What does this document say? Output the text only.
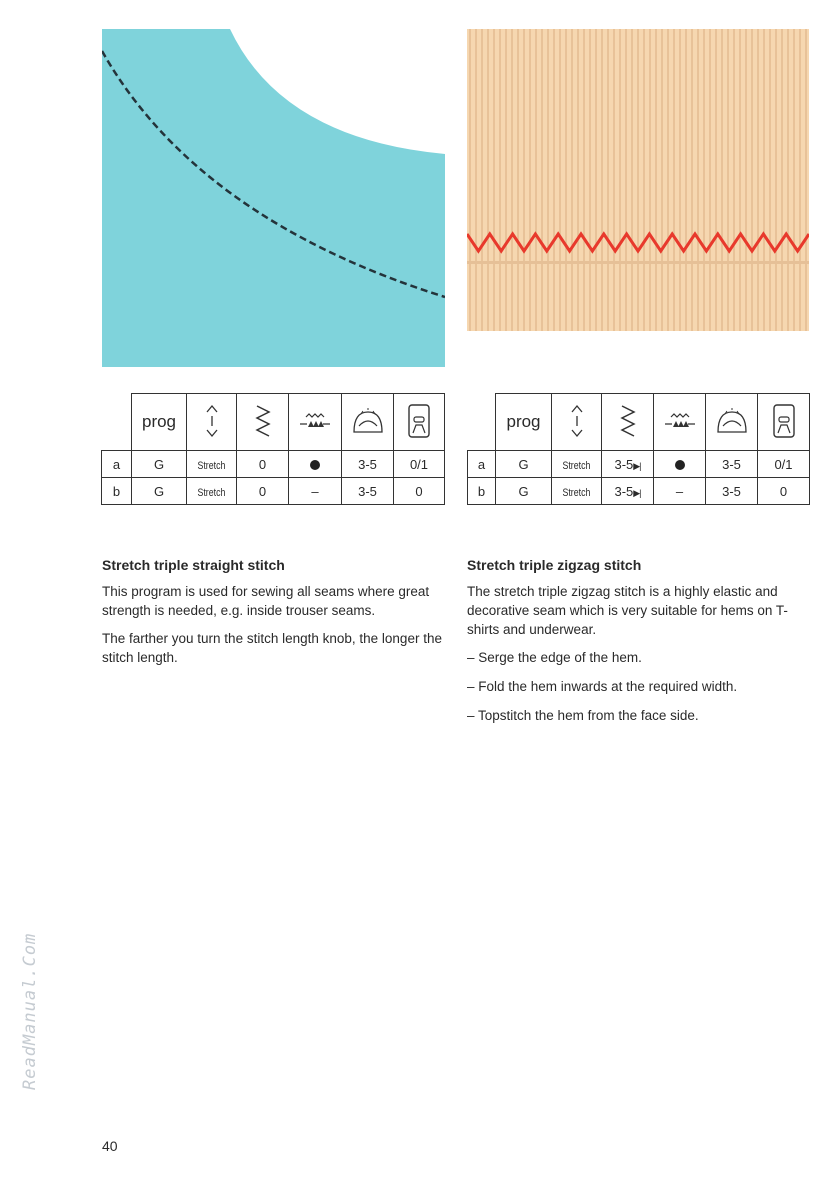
	prog					
a	G	Stretch	0		3-5	0/1
b	G	Stretch	0	–	3-5	0
	prog					
a	G	Stretch	3-5▶|		3-5	0/1
b	G	Stretch	3-5▶|	–	3-5	0
Stretch triple straight stitch

This program is used for sewing all seams where great strength is needed, e.g. inside trouser seams.

The farther you turn the stitch length knob, the longer the stitch length.

Stretch triple zigzag stitch

The stretch triple zigzag stitch is a highly elastic and decorative seam which is very suitable for hems on T-shirts and underwear.

– Serge the edge of the hem.
– Fold the hem inwards at the required width.
– Topstitch the hem from the face side.
ReadManual.Com
40
